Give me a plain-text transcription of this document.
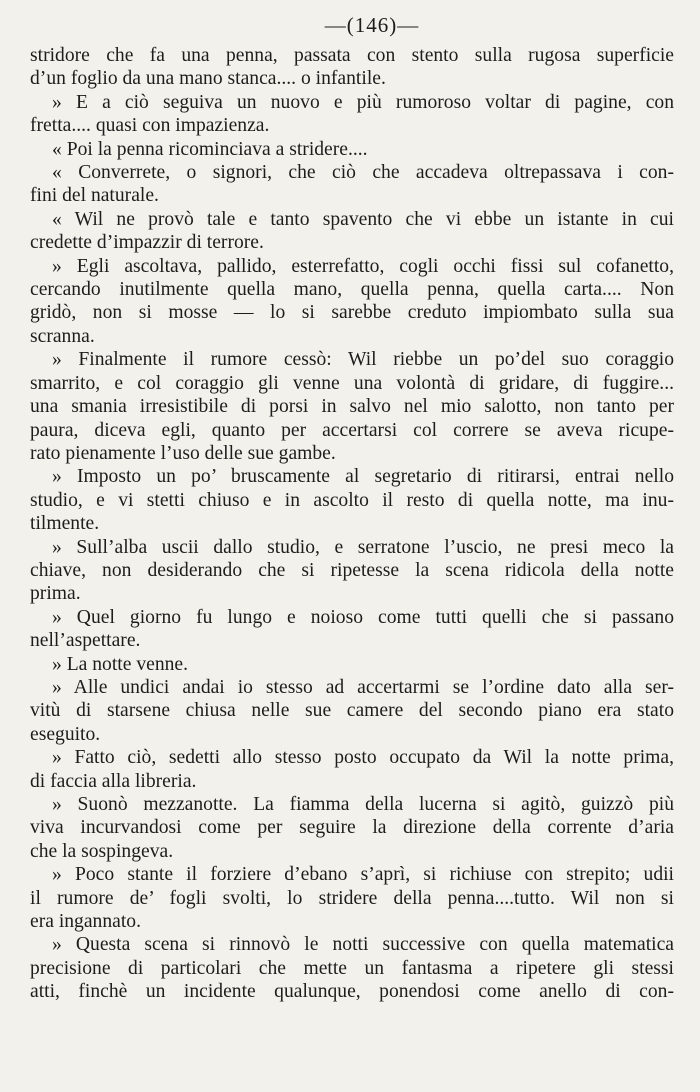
—(146)—
stridore che fa una penna, passata con stento sulla rugosa superficie
d’un foglio da una mano stanca.... o infantile.
» E a ciò seguiva un nuovo e più rumoroso voltar di pagine, con
fretta.... quasi con impazienza.
« Poi la penna ricominciava a stridere....
« Converrete, o signori, che ciò che accadeva oltrepassava i con-
fini del naturale.
« Wil ne provò tale e tanto spavento che vi ebbe un istante in cui
credette d’impazzir di terrore.
» Egli ascoltava, pallido, esterrefatto, cogli occhi fissi sul cofanetto,
cercando inutilmente quella mano, quella penna, quella carta.... Non
gridò, non si mosse — lo si sarebbe creduto impiombato sulla sua
scranna.
» Finalmente il rumore cessò: Wil riebbe un po’del suo coraggio
smarrito, e col coraggio gli venne una volontà di gridare, di fuggire...
una smania irresistibile di porsi in salvo nel mio salotto, non tanto per
paura, diceva egli, quanto per accertarsi col correre se aveva ricupe-
rato pienamente l’uso delle sue gambe.
» Imposto un po’ bruscamente al segretario di ritirarsi, entrai nello
studio, e vi stetti chiuso e in ascolto il resto di quella notte, ma inu-
tilmente.
» Sull’alba uscii dallo studio, e serratone l’uscio, ne presi meco la
chiave, non desiderando che si ripetesse la scena ridicola della notte
prima.
» Quel giorno fu lungo e noioso come tutti quelli che si passano
nell’aspettare.
» La notte venne.
» Alle undici andai io stesso ad accertarmi se l’ordine dato alla ser-
vitù di starsene chiusa nelle sue camere del secondo piano era stato
eseguito.
» Fatto ciò, sedetti allo stesso posto occupato da Wil la notte prima,
di faccia alla libreria.
» Suonò mezzanotte. La fiamma della lucerna si agitò, guizzò più
viva incurvandosi come per seguire la direzione della corrente d’aria
che la sospingeva.
» Poco stante il forziere d’ebano s’aprì, si richiuse con strepito; udii
il rumore de’ fogli svolti, lo stridere della penna....tutto. Wil non si
era ingannato.
» Questa scena si rinnovò le notti successive con quella matematica
precisione di particolari che mette un fantasma a ripetere gli stessi
atti, finchè un incidente qualunque, ponendosi come anello di con-
